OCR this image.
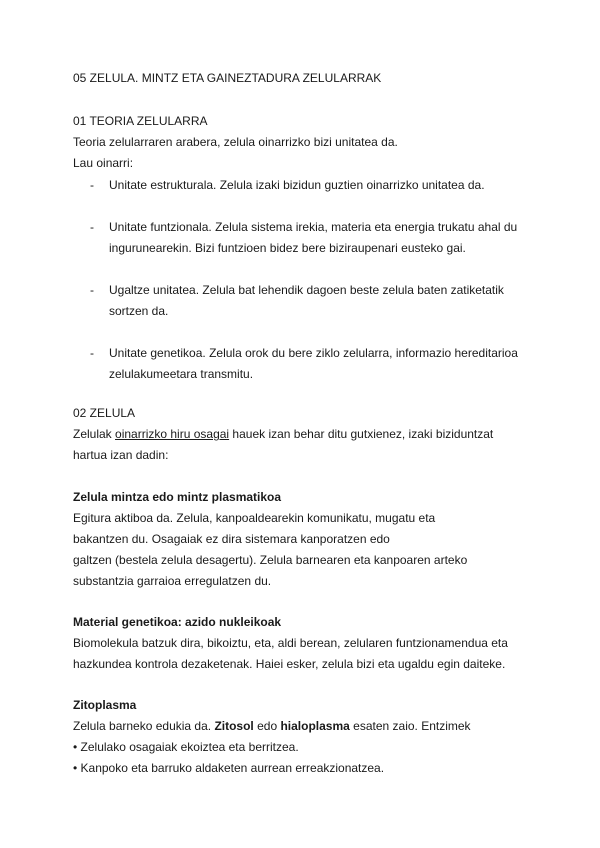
05 ZELULA. MINTZ ETA GAINEZTADURA ZELULARRAK
01 TEORIA ZELULARRA
Teoria zelularraren arabera, zelula oinarrizko bizi unitatea da.
Lau oinarri:
- Unitate estrukturala. Zelula izaki bizidun guztien oinarrizko unitatea da.
- Unitate funtzionala. Zelula sistema irekia, materia eta energia trukatu ahal du
ingurunearekin. Bizi funtzioen bidez bere biziraupenari eusteko gai.
- Ugaltze unitatea. Zelula bat lehendik dagoen beste zelula baten zatiketatik
sortzen da.
- Unitate genetikoa. Zelula orok du bere ziklo zelularra, informazio hereditarioa
zelulakumeetara transmitu.
02 ZELULA
Zelulak oinarrizko hiru osagai hauek izan behar ditu gutxienez, izaki biziduntzat
hartua izan dadin:
Zelula mintza edo mintz plasmatikoa
Egitura aktiboa da. Zelula, kanpoaldearekin komunikatu, mugatu eta
bakantzen du. Osagaiak ez dira sistemara kanporatzen edo
galtzen (bestela zelula desagertu). Zelula barnearen eta kanpoaren arteko
substantzia garraioa erregulatzen du.
Material genetikoa: azido nukleikoak
Biomolekula batzuk dira, bikoiztu, eta, aldi berean, zelularen funtzionamendua eta
hazkundea kontrola dezaketenak. Haiei esker, zelula bizi eta ugaldu egin daiteke.
Zitoplasma
Zelula barneko edukia da. Zitosol edo hialoplasma esaten zaio. Entzimek
• Zelulako osagaiak ekoiztea eta berritzea.
• Kanpoko eta barruko aldaketen aurrean erreakzionatzea.
